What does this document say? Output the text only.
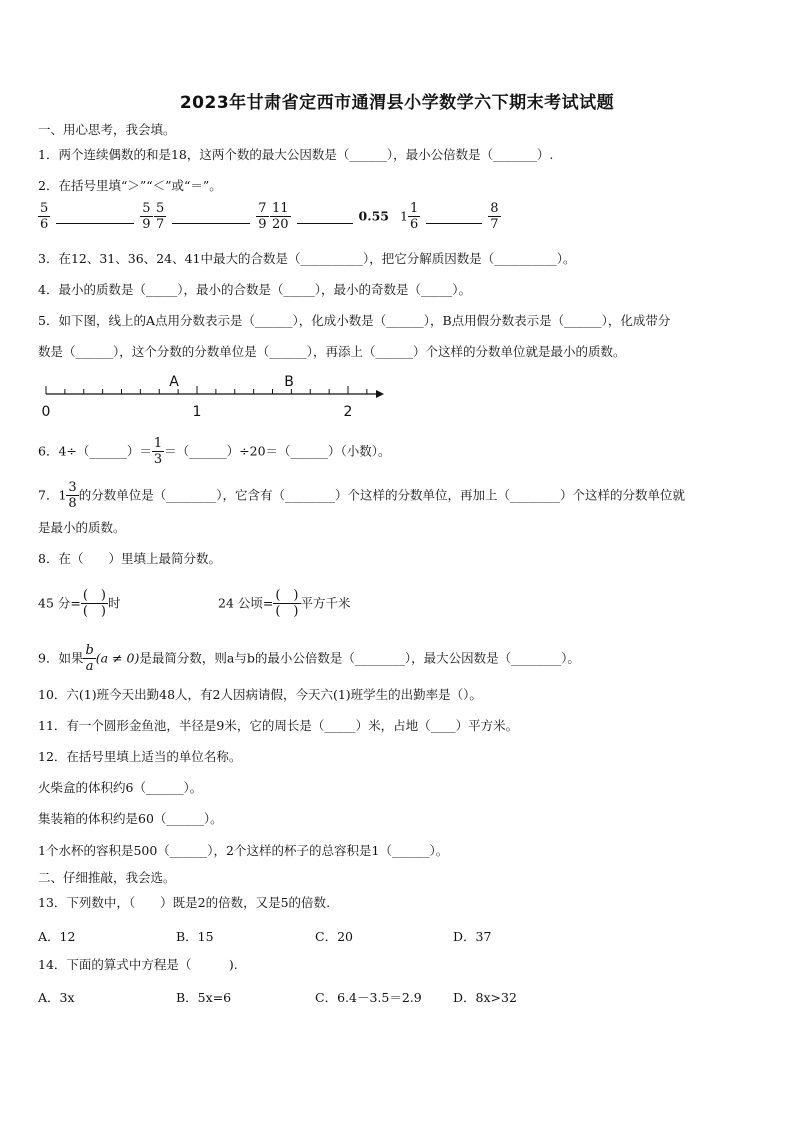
2023年甘肃省定西市通渭县小学数学六下期末考试试题
一、用心思考，我会填。
1．两个连续偶数的和是18，这两个数的最大公因数是（______），最小公倍数是（_______）.
2．在括号里填“＞”“＜”或“＝”。
$\frac{5}{6}$	$\frac{5}{9} \frac{5}{7}$	$\frac{7}{9} \frac{11}{20}$	0.55 $1 \frac{1}{6}$	$\frac{8}{7}$
3．在12、31、36、24、41中最大的合数是（__________），把它分解质因数是（__________）。
4．最小的质数是（_____），最小的合数是（_____），最小的奇数是（_____）。
5．如下图，线上的A点用分数表示是（______），化成小数是（______），B点用假分数表示是（______），化成带分
数是（______），这个分数的分数单位是（______），再添上（______）个这样的分数单位就是最小的质数。
A	B
0	1	2
6．4÷（______）＝ $\frac{1}{3}$ ＝（______）÷20＝（______）（小数）。
7．$1 \frac{3}{8}$ 的分数单位是（________），它含有（________）个这样的分数单位，再加上（________）个这样的分数单位就
是最小的质数。
8．在（　　）里填上最简分数。
45 分= $\frac{( )}{( )}$ 时	24 公顷= $\frac{( )}{( )}$ 平方千米
9．如果 $\frac{b}{a} (a \ne 0)$是最简分数，则a与b的最小公倍数是（________），最大公因数是（________）。
10．六(1)班今天出勤48人，有2人因病请假，今天六(1)班学生的出勤率是（）。
11．有一个圆形金鱼池，半径是9米，它的周长是（_____）米，占地（____）平方米。
12．在括号里填上适当的单位名称。
火柴盒的体积约6（______）。
集装箱的体积约是60（______）。
1个水杯的容积是500（______），2个这样的杯子的总容积是1（______）。
二、仔细推敲，我会选。
13．下列数中，（　　）既是2的倍数，又是5的倍数.
A．12	B．15	C．20	D．37
14．下面的算式中方程是（　　　).
A．3x	B．5x=6	C．6.4－3.5＝2.9	D．8x>32
